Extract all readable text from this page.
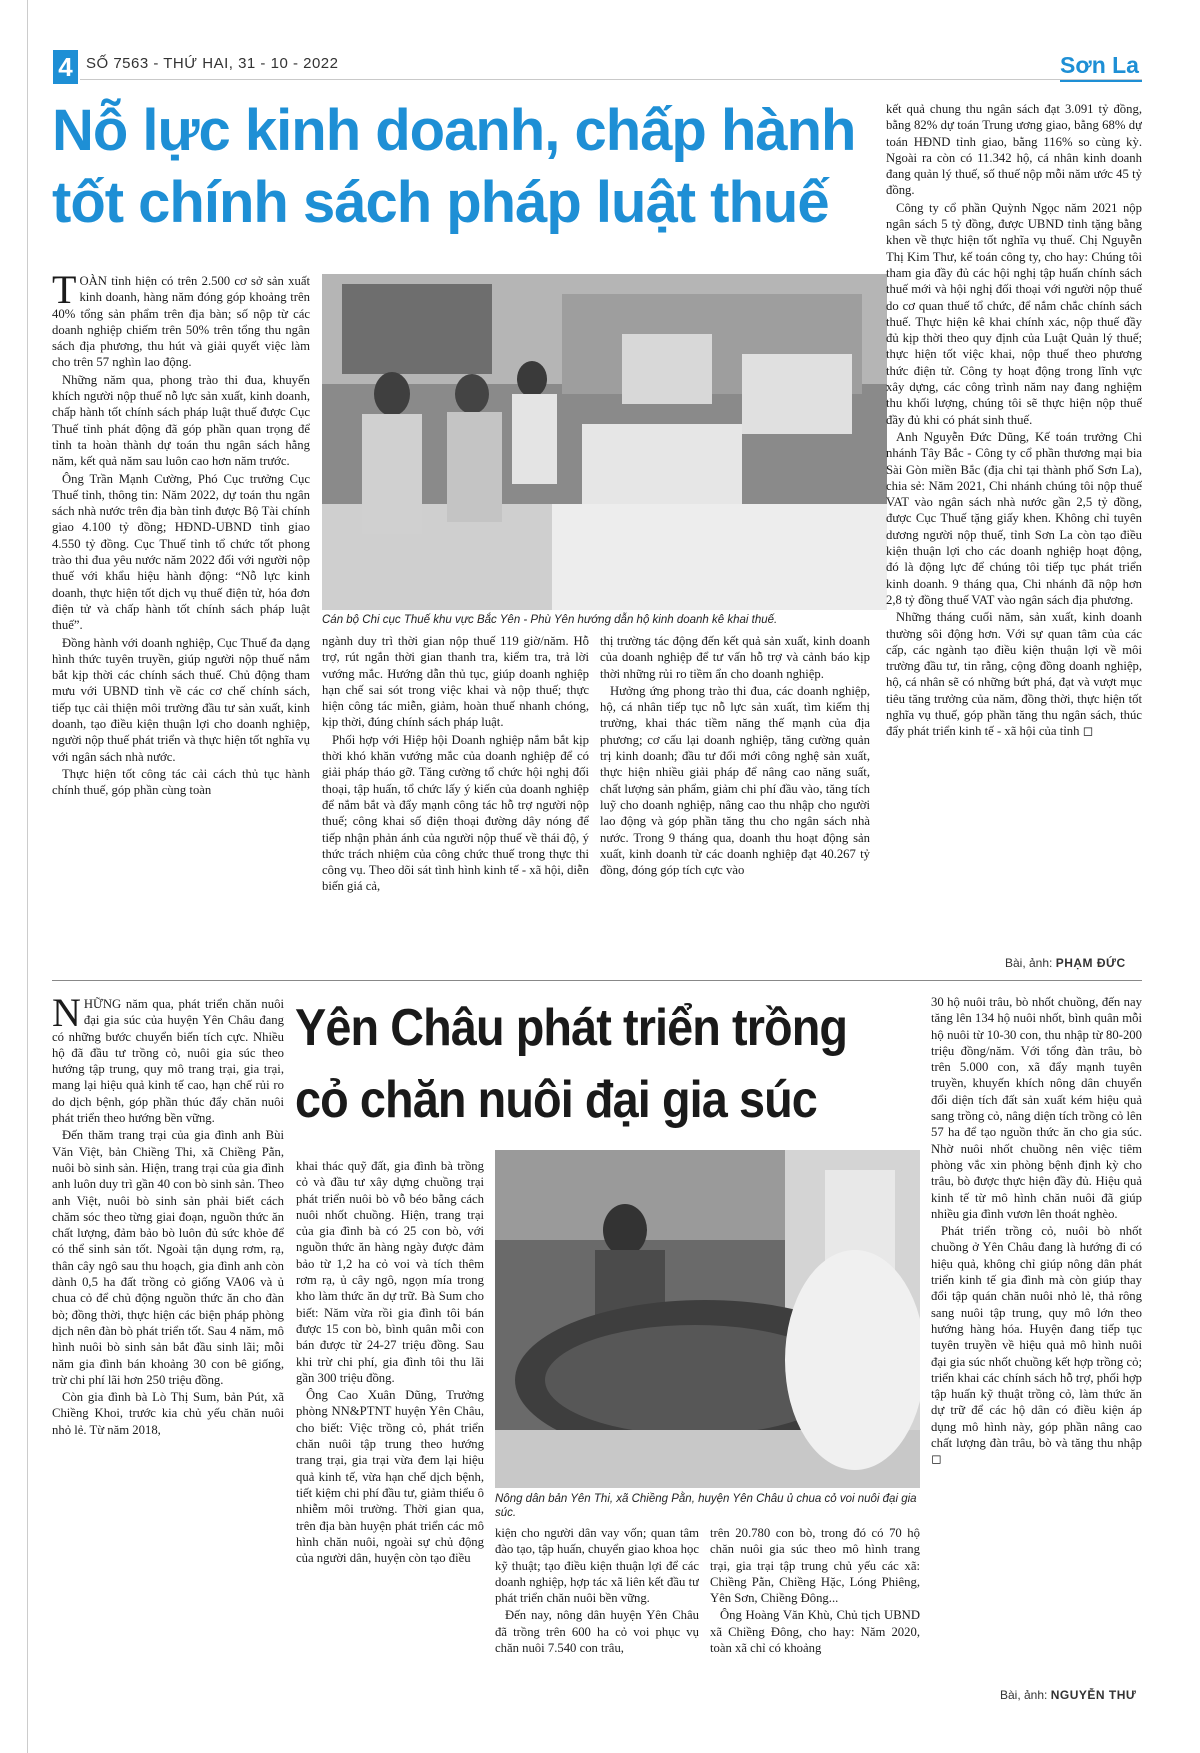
4 SỐ 7563 - THỨ HAI, 31 - 10 - 2022	Sơn La
Nỗ lực kinh doanh, chấp hành tốt chính sách pháp luật thuế
Cán bộ Chi cục Thuế khu vực Bắc Yên - Phù Yên hướng dẫn hộ kinh doanh kê khai thuế.

TOÀN tỉnh hiện có trên 2.500 cơ sở sản xuất kinh doanh, hàng năm đóng góp khoảng trên 40% tổng sản phẩm trên địa bàn; số nộp từ các doanh nghiệp chiếm trên 50% trên tổng thu ngân sách địa phương, thu hút và giải quyết việc làm cho trên 57 nghìn lao động.

Những năm qua, phong trào thi đua, khuyến khích người nộp thuế nỗ lực sản xuất, kinh doanh, chấp hành tốt chính sách pháp luật thuế được Cục Thuế tỉnh phát động đã góp phần quan trọng để tỉnh ta hoàn thành dự toán thu ngân sách hằng năm, kết quả năm sau luôn cao hơn năm trước.

Ông Trần Mạnh Cường, Phó Cục trưởng Cục Thuế tỉnh, thông tin: Năm 2022, dự toán thu ngân sách nhà nước trên địa bàn tỉnh được Bộ Tài chính giao 4.100 tỷ đồng; HĐND-UBND tỉnh giao 4.550 tỷ đồng. Cục Thuế tỉnh tổ chức tốt phong trào thi đua yêu nước năm 2022 đối với người nộp thuế với khẩu hiệu hành động: “Nỗ lực kinh doanh, thực hiện tốt dịch vụ thuế điện tử, hóa đơn điện tử và chấp hành tốt chính sách pháp luật thuế”.

Đồng hành với doanh nghiệp, Cục Thuế đa dạng hình thức tuyên truyền, giúp người nộp thuế nắm bắt kịp thời các chính sách thuế. Chủ động tham mưu với UBND tỉnh về các cơ chế chính sách, tiếp tục cải thiện môi trường đầu tư sản xuất, kinh doanh, tạo điều kiện thuận lợi cho doanh nghiệp, người nộp thuế phát triển và thực hiện tốt nghĩa vụ với ngân sách nhà nước.

Thực hiện tốt công tác cải cách thủ tục hành chính thuế, góp phần cùng toàn

ngành duy trì thời gian nộp thuế 119 giờ/năm. Hỗ trợ, rút ngắn thời gian thanh tra, kiểm tra, trả lời vướng mắc. Hướng dẫn thủ tục, giúp doanh nghiệp hạn chế sai sót trong việc khai và nộp thuế; thực hiện công tác miễn, giảm, hoàn thuế nhanh chóng, kịp thời, đúng chính sách pháp luật.

Phối hợp với Hiệp hội Doanh nghiệp nắm bắt kịp thời khó khăn vướng mắc của doanh nghiệp để có giải pháp tháo gỡ. Tăng cường tổ chức hội nghị đối thoại, tập huấn, tổ chức lấy ý kiến của doanh nghiệp để nắm bắt và đẩy mạnh công tác hỗ trợ người nộp thuế; công khai số điện thoại đường dây nóng để tiếp nhận phản ánh của người nộp thuế về thái độ, ý thức trách nhiệm của công chức thuế trong thực thi công vụ. Theo dõi sát tình hình kinh tế - xã hội, diễn biến giá cả,

thị trường tác động đến kết quả sản xuất, kinh doanh của doanh nghiệp để tư vấn hỗ trợ và cảnh báo kịp thời những rủi ro tiềm ẩn cho doanh nghiệp.

Hưởng ứng phong trào thi đua, các doanh nghiệp, hộ, cá nhân tiếp tục nỗ lực sản xuất, tìm kiếm thị trường, khai thác tiềm năng thế mạnh của địa phương; cơ cấu lại doanh nghiệp, tăng cường quản trị kinh doanh; đầu tư đổi mới công nghệ sản xuất, thực hiện nhiều giải pháp để nâng cao năng suất, chất lượng sản phẩm, giảm chi phí đầu vào, tăng tích luỹ cho doanh nghiệp, nâng cao thu nhập cho người lao động và góp phần tăng thu cho ngân sách nhà nước. Trong 9 tháng qua, doanh thu hoạt động sản xuất, kinh doanh từ các doanh nghiệp đạt 40.267 tỷ đồng, đóng góp tích cực vào

kết quả chung thu ngân sách đạt 3.091 tỷ đồng, bằng 82% dự toán Trung ương giao, bằng 68% dự toán HĐND tỉnh giao, bằng 116% so cùng kỳ. Ngoài ra còn có 11.342 hộ, cá nhân kinh doanh đang quản lý thuế, số thuế nộp mỗi năm ước 45 tỷ đồng.

Công ty cổ phần Quỳnh Ngọc năm 2021 nộp ngân sách 5 tỷ đồng, được UBND tỉnh tặng bằng khen về thực hiện tốt nghĩa vụ thuế. Chị Nguyễn Thị Kim Thư, kế toán công ty, cho hay: Chúng tôi tham gia đầy đủ các hội nghị tập huấn chính sách thuế mới và hội nghị đối thoại với người nộp thuế do cơ quan thuế tổ chức, để nắm chắc chính sách thuế. Thực hiện kê khai chính xác, nộp thuế đầy đủ kịp thời theo quy định của Luật Quản lý thuế; thực hiện tốt việc khai, nộp thuế theo phương thức điện tử. Công ty hoạt động trong lĩnh vực xây dựng, các công trình năm nay đang nghiệm thu khối lượng, chúng tôi sẽ thực hiện nộp thuế đầy đủ khi có phát sinh thuế.

Anh Nguyễn Đức Dũng, Kế toán trưởng Chi nhánh Tây Bắc - Công ty cổ phần thương mại bia Sài Gòn miền Bắc (địa chỉ tại thành phố Sơn La), chia sẻ: Năm 2021, Chi nhánh chúng tôi nộp thuế VAT vào ngân sách nhà nước gần 2,5 tỷ đồng, được Cục Thuế tặng giấy khen. Không chỉ tuyên dương người nộp thuế, tỉnh Sơn La còn tạo điều kiện thuận lợi cho các doanh nghiệp hoạt động, đó là động lực để chúng tôi tiếp tục phát triển kinh doanh. 9 tháng qua, Chi nhánh đã nộp hơn 2,8 tỷ đồng thuế VAT vào ngân sách địa phương.

Những tháng cuối năm, sản xuất, kinh doanh thường sôi động hơn. Với sự quan tâm của các cấp, các ngành tạo điều kiện thuận lợi về môi trường đầu tư, tin rằng, cộng đồng doanh nghiệp, hộ, cá nhân sẽ có những bứt phá, đạt và vượt mục tiêu tăng trưởng của năm, đồng thời, thực hiện tốt nghĩa vụ thuế, góp phần tăng thu ngân sách, thúc đẩy phát triển kinh tế - xã hội của tỉnh ◻

Bài, ảnh: PHẠM ĐỨC
Yên Châu phát triển trồng cỏ chăn nuôi đại gia súc
Nông dân bản Yên Thi, xã Chiềng Pằn, huyện Yên Châu ủ chua cỏ voi nuôi đại gia súc.

NHỮNG năm qua, phát triển chăn nuôi đại gia súc của huyện Yên Châu đang có những bước chuyển biến tích cực. Nhiều hộ đã đầu tư trồng cỏ, nuôi gia súc theo hướng tập trung, quy mô trang trại, gia trại, mang lại hiệu quả kinh tế cao, hạn chế rủi ro do dịch bệnh, góp phần thúc đẩy chăn nuôi phát triển theo hướng bền vững.

Đến thăm trang trại của gia đình anh Bùi Văn Việt, bản Chiềng Thi, xã Chiềng Pằn, nuôi bò sinh sản. Hiện, trang trại của gia đình anh luôn duy trì gần 40 con bò sinh sản. Theo anh Việt, nuôi bò sinh sản phải biết cách chăm sóc theo từng giai đoạn, nguồn thức ăn chất lượng, đảm bảo bò luôn đủ sức khỏe để có thể sinh sản tốt. Ngoài tận dụng rơm, rạ, thân cây ngô sau thu hoạch, gia đình anh còn dành 0,5 ha đất trồng cỏ giống VA06 và ủ chua cỏ để chủ động nguồn thức ăn cho đàn bò; đồng thời, thực hiện các biện pháp phòng dịch nên đàn bò phát triển tốt. Sau 4 năm, mô hình nuôi bò sinh sản bắt đầu sinh lãi; mỗi năm gia đình bán khoảng 30 con bê giống, trừ chi phí lãi hơn 250 triệu đồng.

Còn gia đình bà Lò Thị Sum, bản Pút, xã Chiềng Khoi, trước kia chủ yếu chăn nuôi nhỏ lẻ. Từ năm 2018,

khai thác quỹ đất, gia đình bà trồng cỏ và đầu tư xây dựng chuồng trại phát triển nuôi bò vỗ béo bằng cách nuôi nhốt chuồng. Hiện, trang trại của gia đình bà có 25 con bò, với nguồn thức ăn hàng ngày được đảm bảo từ 1,2 ha cỏ voi và tích thêm rơm rạ, ủ cây ngô, ngọn mía trong kho làm thức ăn dự trữ. Bà Sum cho biết: Năm vừa rồi gia đình tôi bán được 15 con bò, bình quân mỗi con bán được từ 24-27 triệu đồng. Sau khi trừ chi phí, gia đình tôi thu lãi gần 300 triệu đồng.

Ông Cao Xuân Dũng, Trưởng phòng NN&PTNT huyện Yên Châu, cho biết: Việc trồng cỏ, phát triển chăn nuôi tập trung theo hướng trang trại, gia trại vừa đem lại hiệu quả kinh tế, vừa hạn chế dịch bệnh, tiết kiệm chi phí đầu tư, giảm thiểu ô nhiễm môi trường. Thời gian qua, trên địa bàn huyện phát triển các mô hình chăn nuôi, ngoài sự chủ động của người dân, huyện còn tạo điều

kiện cho người dân vay vốn; quan tâm đào tạo, tập huấn, chuyển giao khoa học kỹ thuật; tạo điều kiện thuận lợi để các doanh nghiệp, hợp tác xã liên kết đầu tư phát triển chăn nuôi bền vững.

Đến nay, nông dân huyện Yên Châu đã trồng trên 600 ha cỏ voi phục vụ chăn nuôi 7.540 con trâu,

trên 20.780 con bò, trong đó có 70 hộ chăn nuôi gia súc theo mô hình trang trại, gia trại tập trung chủ yếu các xã: Chiềng Pằn, Chiềng Hặc, Lóng Phiêng, Yên Sơn, Chiềng Đông...

Ông Hoàng Văn Khù, Chủ tịch UBND xã Chiềng Đông, cho hay: Năm 2020, toàn xã chỉ có khoảng

30 hộ nuôi trâu, bò nhốt chuồng, đến nay tăng lên 134 hộ nuôi nhốt, bình quân mỗi hộ nuôi từ 10-30 con, thu nhập từ 80-200 triệu đồng/năm. Với tổng đàn trâu, bò trên 5.000 con, xã đẩy mạnh tuyên truyền, khuyến khích nông dân chuyển đổi diện tích đất sản xuất kém hiệu quả sang trồng cỏ, nâng diện tích trồng cỏ lên 57 ha để tạo nguồn thức ăn cho gia súc. Nhờ nuôi nhốt chuồng nên việc tiêm phòng vắc xin phòng bệnh định kỳ cho trâu, bò được thực hiện đầy đủ. Hiệu quả kinh tế từ mô hình chăn nuôi đã giúp nhiều gia đình vươn lên thoát nghèo.

Phát triển trồng cỏ, nuôi bò nhốt chuồng ở Yên Châu đang là hướng đi có hiệu quả, không chỉ giúp nông dân phát triển kinh tế gia đình mà còn giúp thay đổi tập quán chăn nuôi nhỏ lẻ, thả rông sang nuôi tập trung, quy mô lớn theo hướng hàng hóa. Huyện đang tiếp tục tuyên truyền về hiệu quả mô hình nuôi đại gia súc nhốt chuồng kết hợp trồng cỏ; triển khai các chính sách hỗ trợ, phối hợp tập huấn kỹ thuật trồng cỏ, làm thức ăn dự trữ để các hộ dân có điều kiện áp dụng mô hình này, góp phần nâng cao chất lượng đàn trâu, bò và tăng thu nhập ◻

Bài, ảnh: NGUYỄN THƯ
